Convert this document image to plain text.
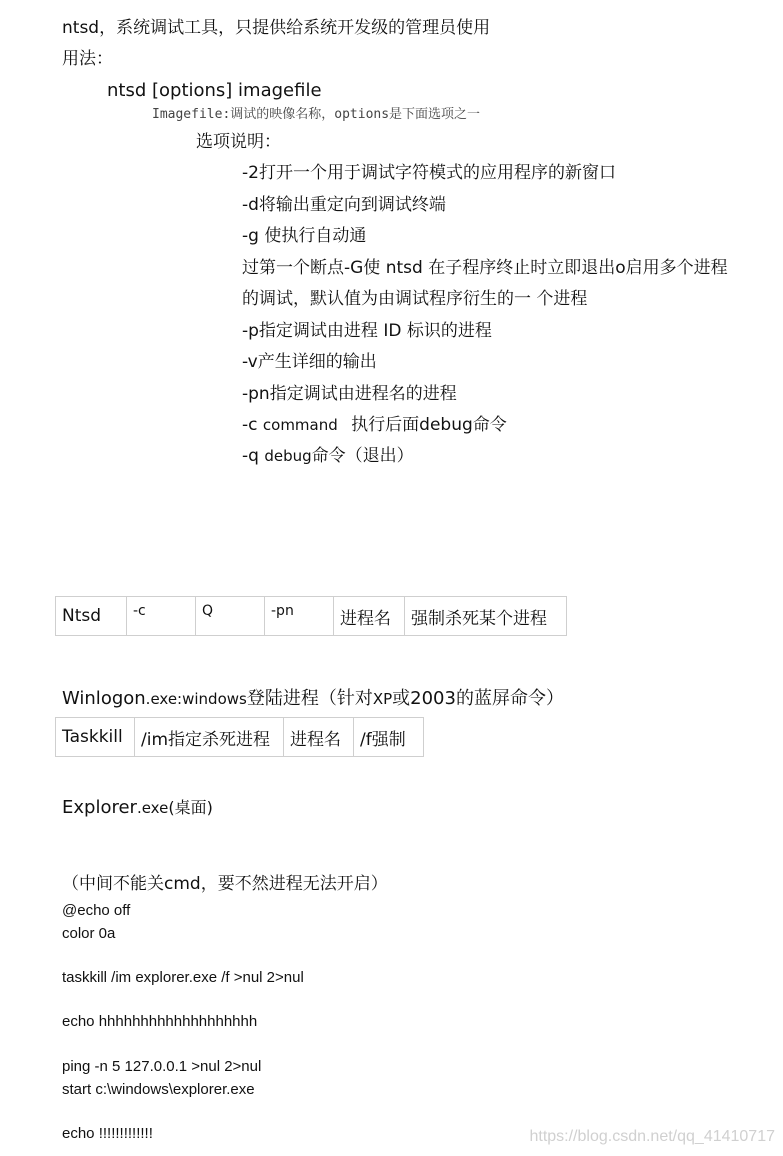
ntsd，系统调试工具，只提供给系统开发级的管理员使用
用法：
ntsd [options] imagefile
Imagefile:调试的映像名称，options是下面选项之一
选项说明：
-2打开一个用于调试字符模式的应用程序的新窗口
-d将输出重定向到调试终端
-g 使执行自动通
过第一个断点-G使 ntsd 在子程序终止时立即退出o启用多个进程
的调试，默认值为由调试程序衍生的一 个进程
-p指定调试由进程 ID 标识的进程
-v产生详细的输出
-pn指定调试由进程名的进程
-c command 执行后面debug命令
-q debug命令（退出）
Ntsd	-c	Q	-pn	进程名	强制杀死某个进程
Winlogon.exe:windows登陆进程（针对XP或2003的蓝屏命令）
Taskkill	/im指定杀死进程	进程名	/f强制
Explorer.exe(桌面)
（中间不能关cmd，要不然进程无法开启）
@echo off
color 0a
taskkill /im explorer.exe /f >nul 2>nul
echo hhhhhhhhhhhhhhhhhhh
ping -n 5 127.0.0.1 >nul 2>nul
start c:\windows\explorer.exe
echo !!!!!!!!!!!!!	https://blog.csdn.net/qq_41410717
